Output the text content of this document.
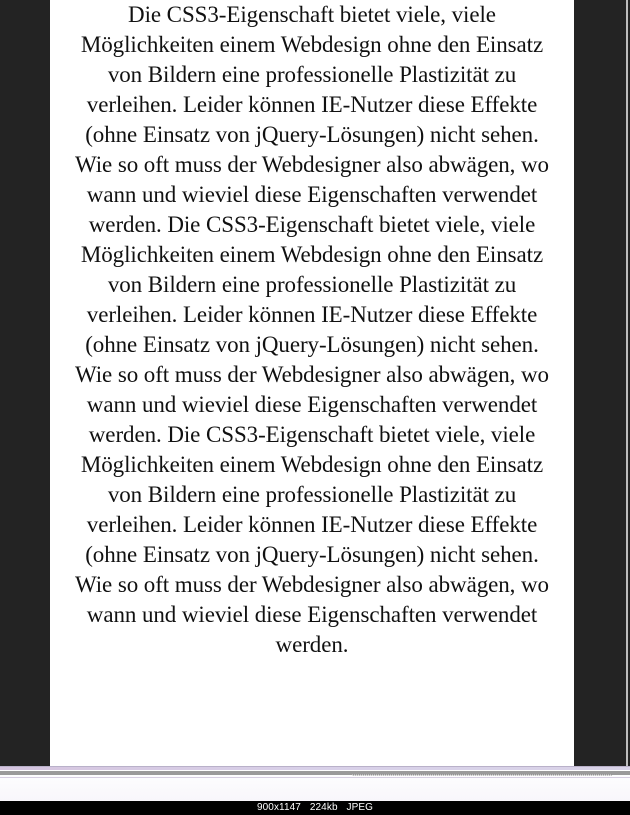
Die CSS3-Eigenschaft bietet viele, viele
Möglichkeiten einem Webdesign ohne den Einsatz
von Bildern eine professionelle Plastizität zu
verleihen. Leider können IE-Nutzer diese Effekte
(ohne Einsatz von jQuery-Lösungen) nicht sehen.
Wie so oft muss der Webdesigner also abwägen, wo
wann und wieviel diese Eigenschaften verwendet
werden. Die CSS3-Eigenschaft bietet viele, viele
Möglichkeiten einem Webdesign ohne den Einsatz
von Bildern eine professionelle Plastizität zu
verleihen. Leider können IE-Nutzer diese Effekte
(ohne Einsatz von jQuery-Lösungen) nicht sehen.
Wie so oft muss der Webdesigner also abwägen, wo
wann und wieviel diese Eigenschaften verwendet
werden. Die CSS3-Eigenschaft bietet viele, viele
Möglichkeiten einem Webdesign ohne den Einsatz
von Bildern eine professionelle Plastizität zu
verleihen. Leider können IE-Nutzer diese Effekte
(ohne Einsatz von jQuery-Lösungen) nicht sehen.
Wie so oft muss der Webdesigner also abwägen, wo
wann und wieviel diese Eigenschaften verwendet
werden.
900x1147 224kb JPEG
